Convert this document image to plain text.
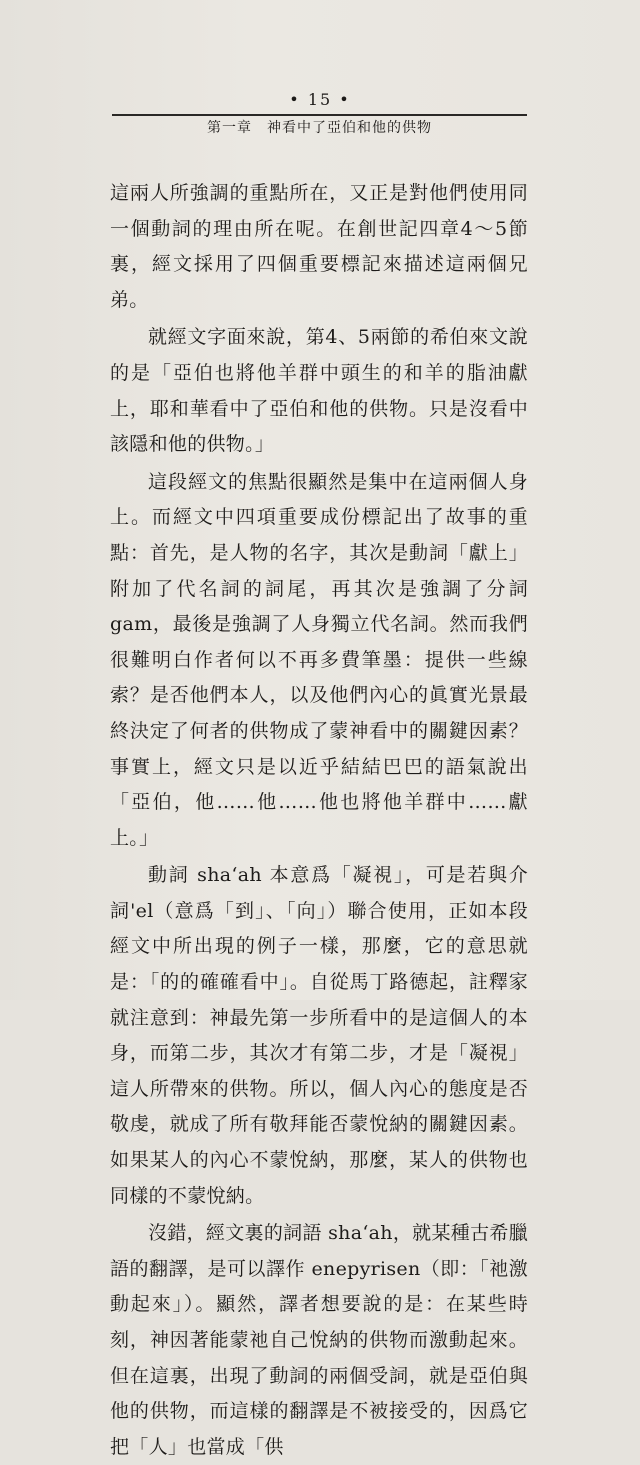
• 15 •
第一章　神看中了亞伯和他的供物

這兩人所強調的重點所在，又正是對他們使用同一個動詞的理由所在呢。在創世記四章4～5節裏，經文採用了四個重要標記來描述這兩個兄弟。

就經文字面來說，第4、5兩節的希伯來文說的是「亞伯也將他羊群中頭生的和羊的脂油獻上，耶和華看中了亞伯和他的供物。只是沒看中該隱和他的供物。」

這段經文的焦點很顯然是集中在這兩個人身上。而經文中四項重要成份標記出了故事的重點：首先，是人物的名字，其次是動詞「獻上」附加了代名詞的詞尾，再其次是強調了分詞gam，最後是強調了人身獨立代名詞。然而我們很難明白作者何以不再多費筆墨：提供一些線索？是否他們本人，以及他們內心的眞實光景最終決定了何者的供物成了蒙神看中的關鍵因素？事實上，經文只是以近乎結結巴巴的語氣說出「亞伯，他……他……他也將他羊群中……獻上。」

動詞 sha‘ah 本意爲「凝視」，可是若與介詞'el（意爲「到」、「向」）聯合使用，正如本段經文中所出現的例子一樣，那麼，它的意思就是：「的的確確看中」。自從馬丁路德起，註釋家就注意到：神最先第一步所看中的是這個人的本身，而第二步，其次才有第二步，才是「凝視」這人所帶來的供物。所以，個人內心的態度是否敬虔，就成了所有敬拜能否蒙悅納的關鍵因素。如果某人的內心不蒙悅納，那麼，某人的供物也同樣的不蒙悅納。

沒錯，經文裏的詞語 sha‘ah，就某種古希臘語的翻譯，是可以譯作 enepyrisen（即：「祂激動起來」）。顯然，譯者想要說的是：在某些時刻，神因著能蒙祂自己悅納的供物而激動起來。但在這裏，出現了動詞的兩個受詞，就是亞伯與他的供物，而這樣的翻譯是不被接受的，因爲它把「人」也當成「供
